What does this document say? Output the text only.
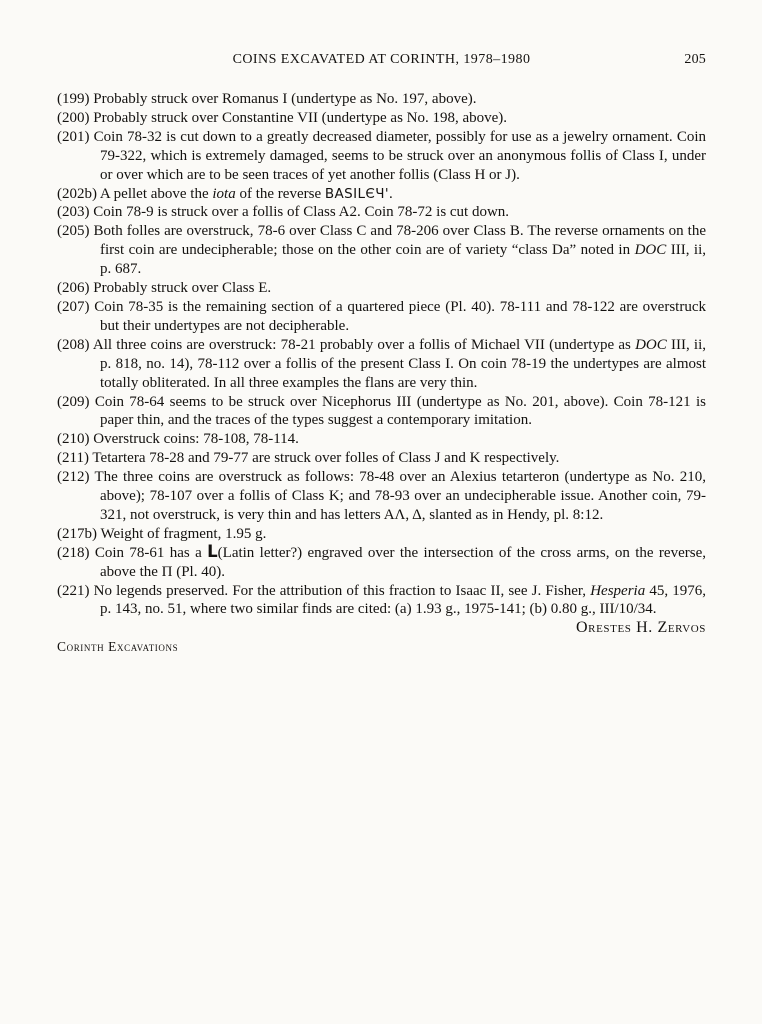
COINS EXCAVATED AT CORINTH, 1978–1980	205

(199) Probably struck over Romanus I (undertype as No. 197, above).

(200) Probably struck over Constantine VII (undertype as No. 198, above).

(201) Coin 78-32 is cut down to a greatly decreased diameter, possibly for use as a jewelry ornament. Coin 79-322, which is extremely damaged, seems to be struck over an anonymous follis of Class I, under or over which are to be seen traces of yet another follis (Class H or J).

(202b) A pellet above the iota of the reverse BASILЄЧ'.

(203) Coin 78-9 is struck over a follis of Class A2. Coin 78-72 is cut down.

(205) Both folles are overstruck, 78-6 over Class C and 78-206 over Class B. The reverse ornaments on the first coin are undecipherable; those on the other coin are of variety “class Da” noted in DOC III, ii, p. 687.

(206) Probably struck over Class E.

(207) Coin 78-35 is the remaining section of a quartered piece (Pl. 40). 78-111 and 78-122 are overstruck but their undertypes are not decipherable.

(208) All three coins are overstruck: 78-21 probably over a follis of Michael VII (undertype as DOC III, ii, p. 818, no. 14), 78-112 over a follis of the present Class I. On coin 78-19 the undertypes are almost totally obliterated. In all three examples the flans are very thin.

(209) Coin 78-64 seems to be struck over Nicephorus III (undertype as No. 201, above). Coin 78-121 is paper thin, and the traces of the types suggest a contemporary imitation.

(210) Overstruck coins: 78-108, 78-114.

(211) Tetartera 78-28 and 79-77 are struck over folles of Class J and K respectively.

(212) The three coins are overstruck as follows: 78-48 over an Alexius tetarteron (undertype as No. 210, above); 78-107 over a follis of Class K; and 78-93 over an undecipherable issue. Another coin, 79-321, not overstruck, is very thin and has letters AΛ, Δ, slanted as in Hendy, pl. 8:12.

(217b) Weight of fragment, 1.95 g.

(218) Coin 78-61 has a L(Latin letter?) engraved over the intersection of the cross arms, on the reverse, above the Π (Pl. 40).

(221) No legends preserved. For the attribution of this fraction to Isaac II, see J. Fisher, Hesperia 45, 1976, p. 143, no. 51, where two similar finds are cited: (a) 1.93 g., 1975-141; (b) 0.80 g., III/10/34.

Orestes H. Zervos

Corinth Excavations
